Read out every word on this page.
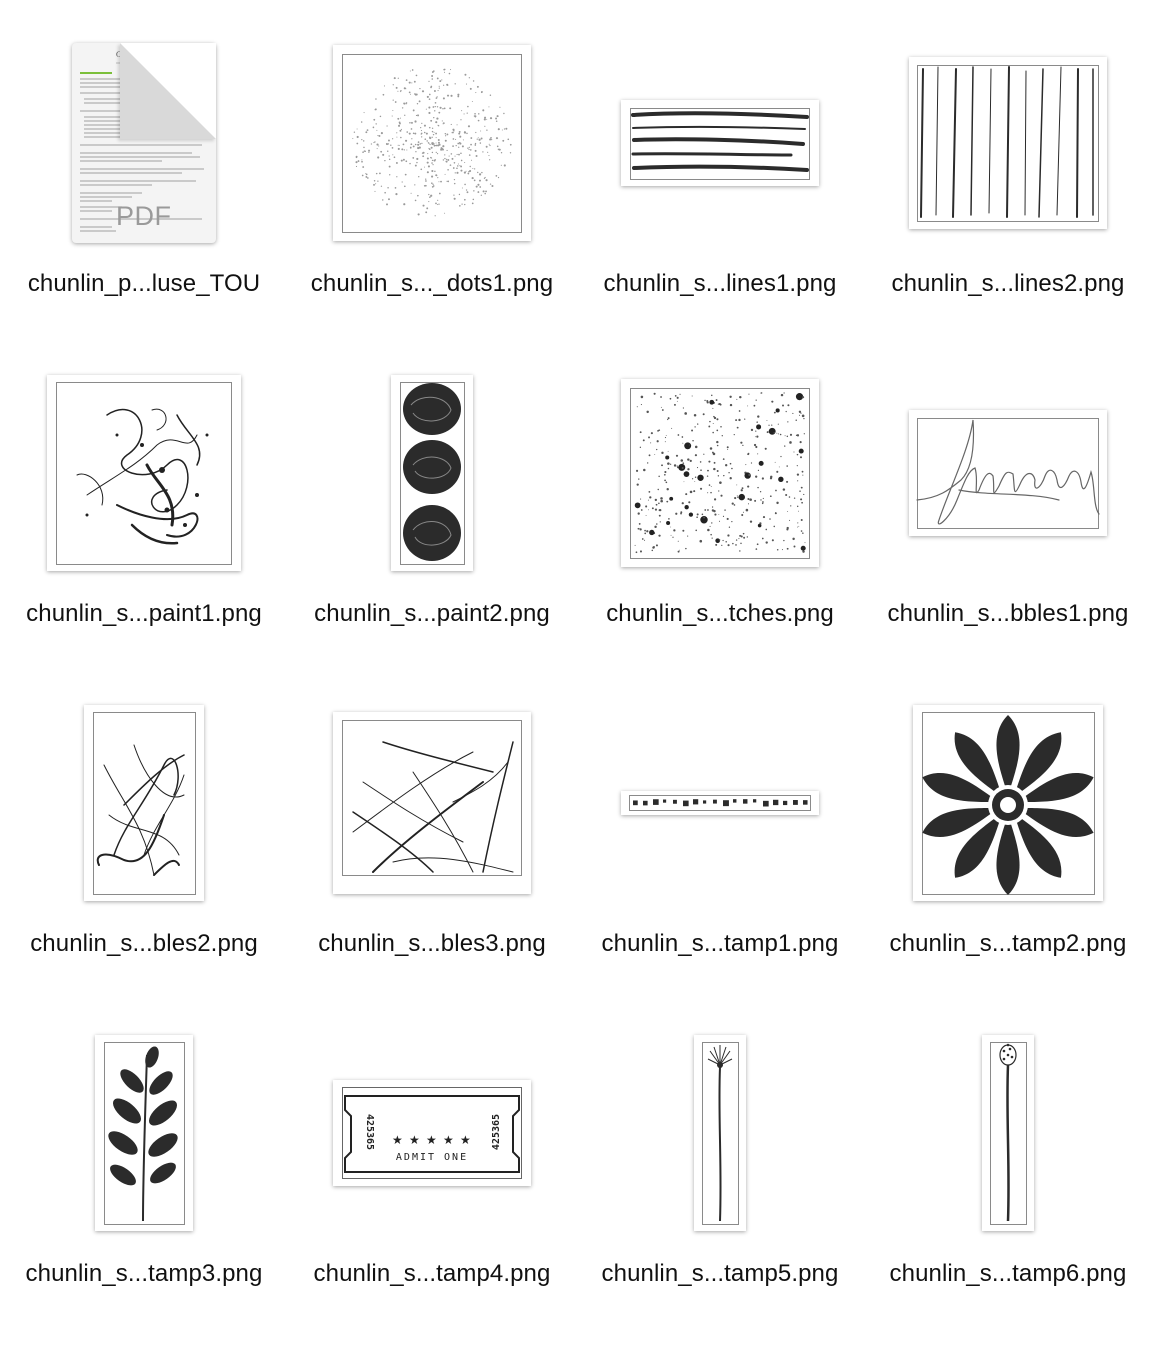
CHUNLIN DESIGN
PDF
chunlin_p...luse_TOU	chunlin_s..._dots1.png	chunlin_s...lines1.png	chunlin_s...lines2.png
chunlin_s...paint1.png	chunlin_s...paint2.png	chunlin_s...tches.png	chunlin_s...bbles1.png
chunlin_s...bles2.png	chunlin_s...bles3.png	chunlin_s...tamp1.png	chunlin_s...tamp2.png
chunlin_s...tamp3.png
425365	425365
★ ★ ★ ★ ★
ADMIT ONE
chunlin_s...tamp4.png	chunlin_s...tamp5.png	chunlin_s...tamp6.png
